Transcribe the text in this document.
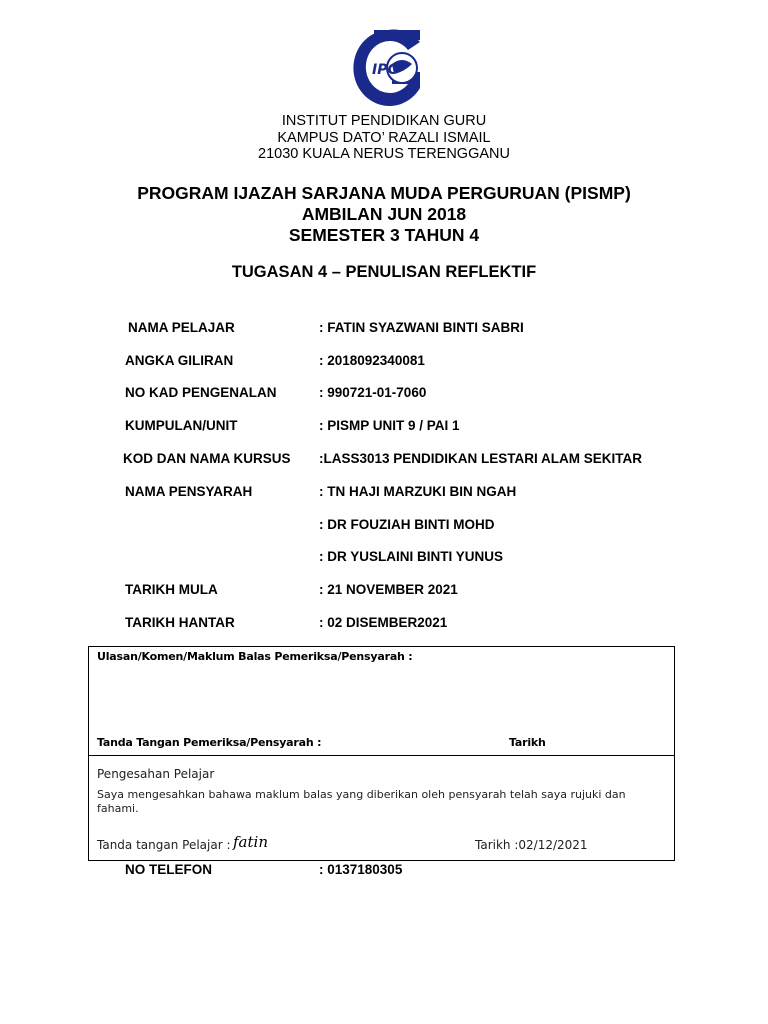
IPG
INSTITUT PENDIDIKAN GURU
KAMPUS DATO’ RAZALI ISMAIL
21030 KUALA NERUS TERENGGANU
PROGRAM IJAZAH SARJANA MUDA PERGURUAN (PISMP)
AMBILAN JUN 2018
SEMESTER 3 TAHUN 4
TUGASAN 4 – PENULISAN REFLEKTIF
NAMA PELAJAR	: FATIN SYAZWANI BINTI SABRI
ANGKA GILIRAN	: 2018092340081
NO KAD PENGENALAN	: 990721-01-7060
KUMPULAN/UNIT	: PISMP UNIT 9 / PAI 1
KOD DAN NAMA KURSUS :LASS3013 PENDIDIKAN LESTARI ALAM SEKITAR
NAMA PENSYARAH	: TN HAJI MARZUKI BIN NGAH
: DR FOUZIAH BINTI MOHD
: DR YUSLAINI BINTI YUNUS
TARIKH MULA	: 21 NOVEMBER 2021
TARIKH HANTAR	: 02 DISEMBER2021
Ulasan/Komen/Maklum Balas Pemeriksa/Pensyarah :
Tanda Tangan Pemeriksa/Pensyarah :	Tarikh
Pengesahan Pelajar
Saya mengesahkan bahawa maklum balas yang diberikan oleh pensyarah telah saya rujuki dan
fahami.
Tanda tangan Pelajar : fatin	Tarikh :02/12/2021
NO TELEFON	: 0137180305
